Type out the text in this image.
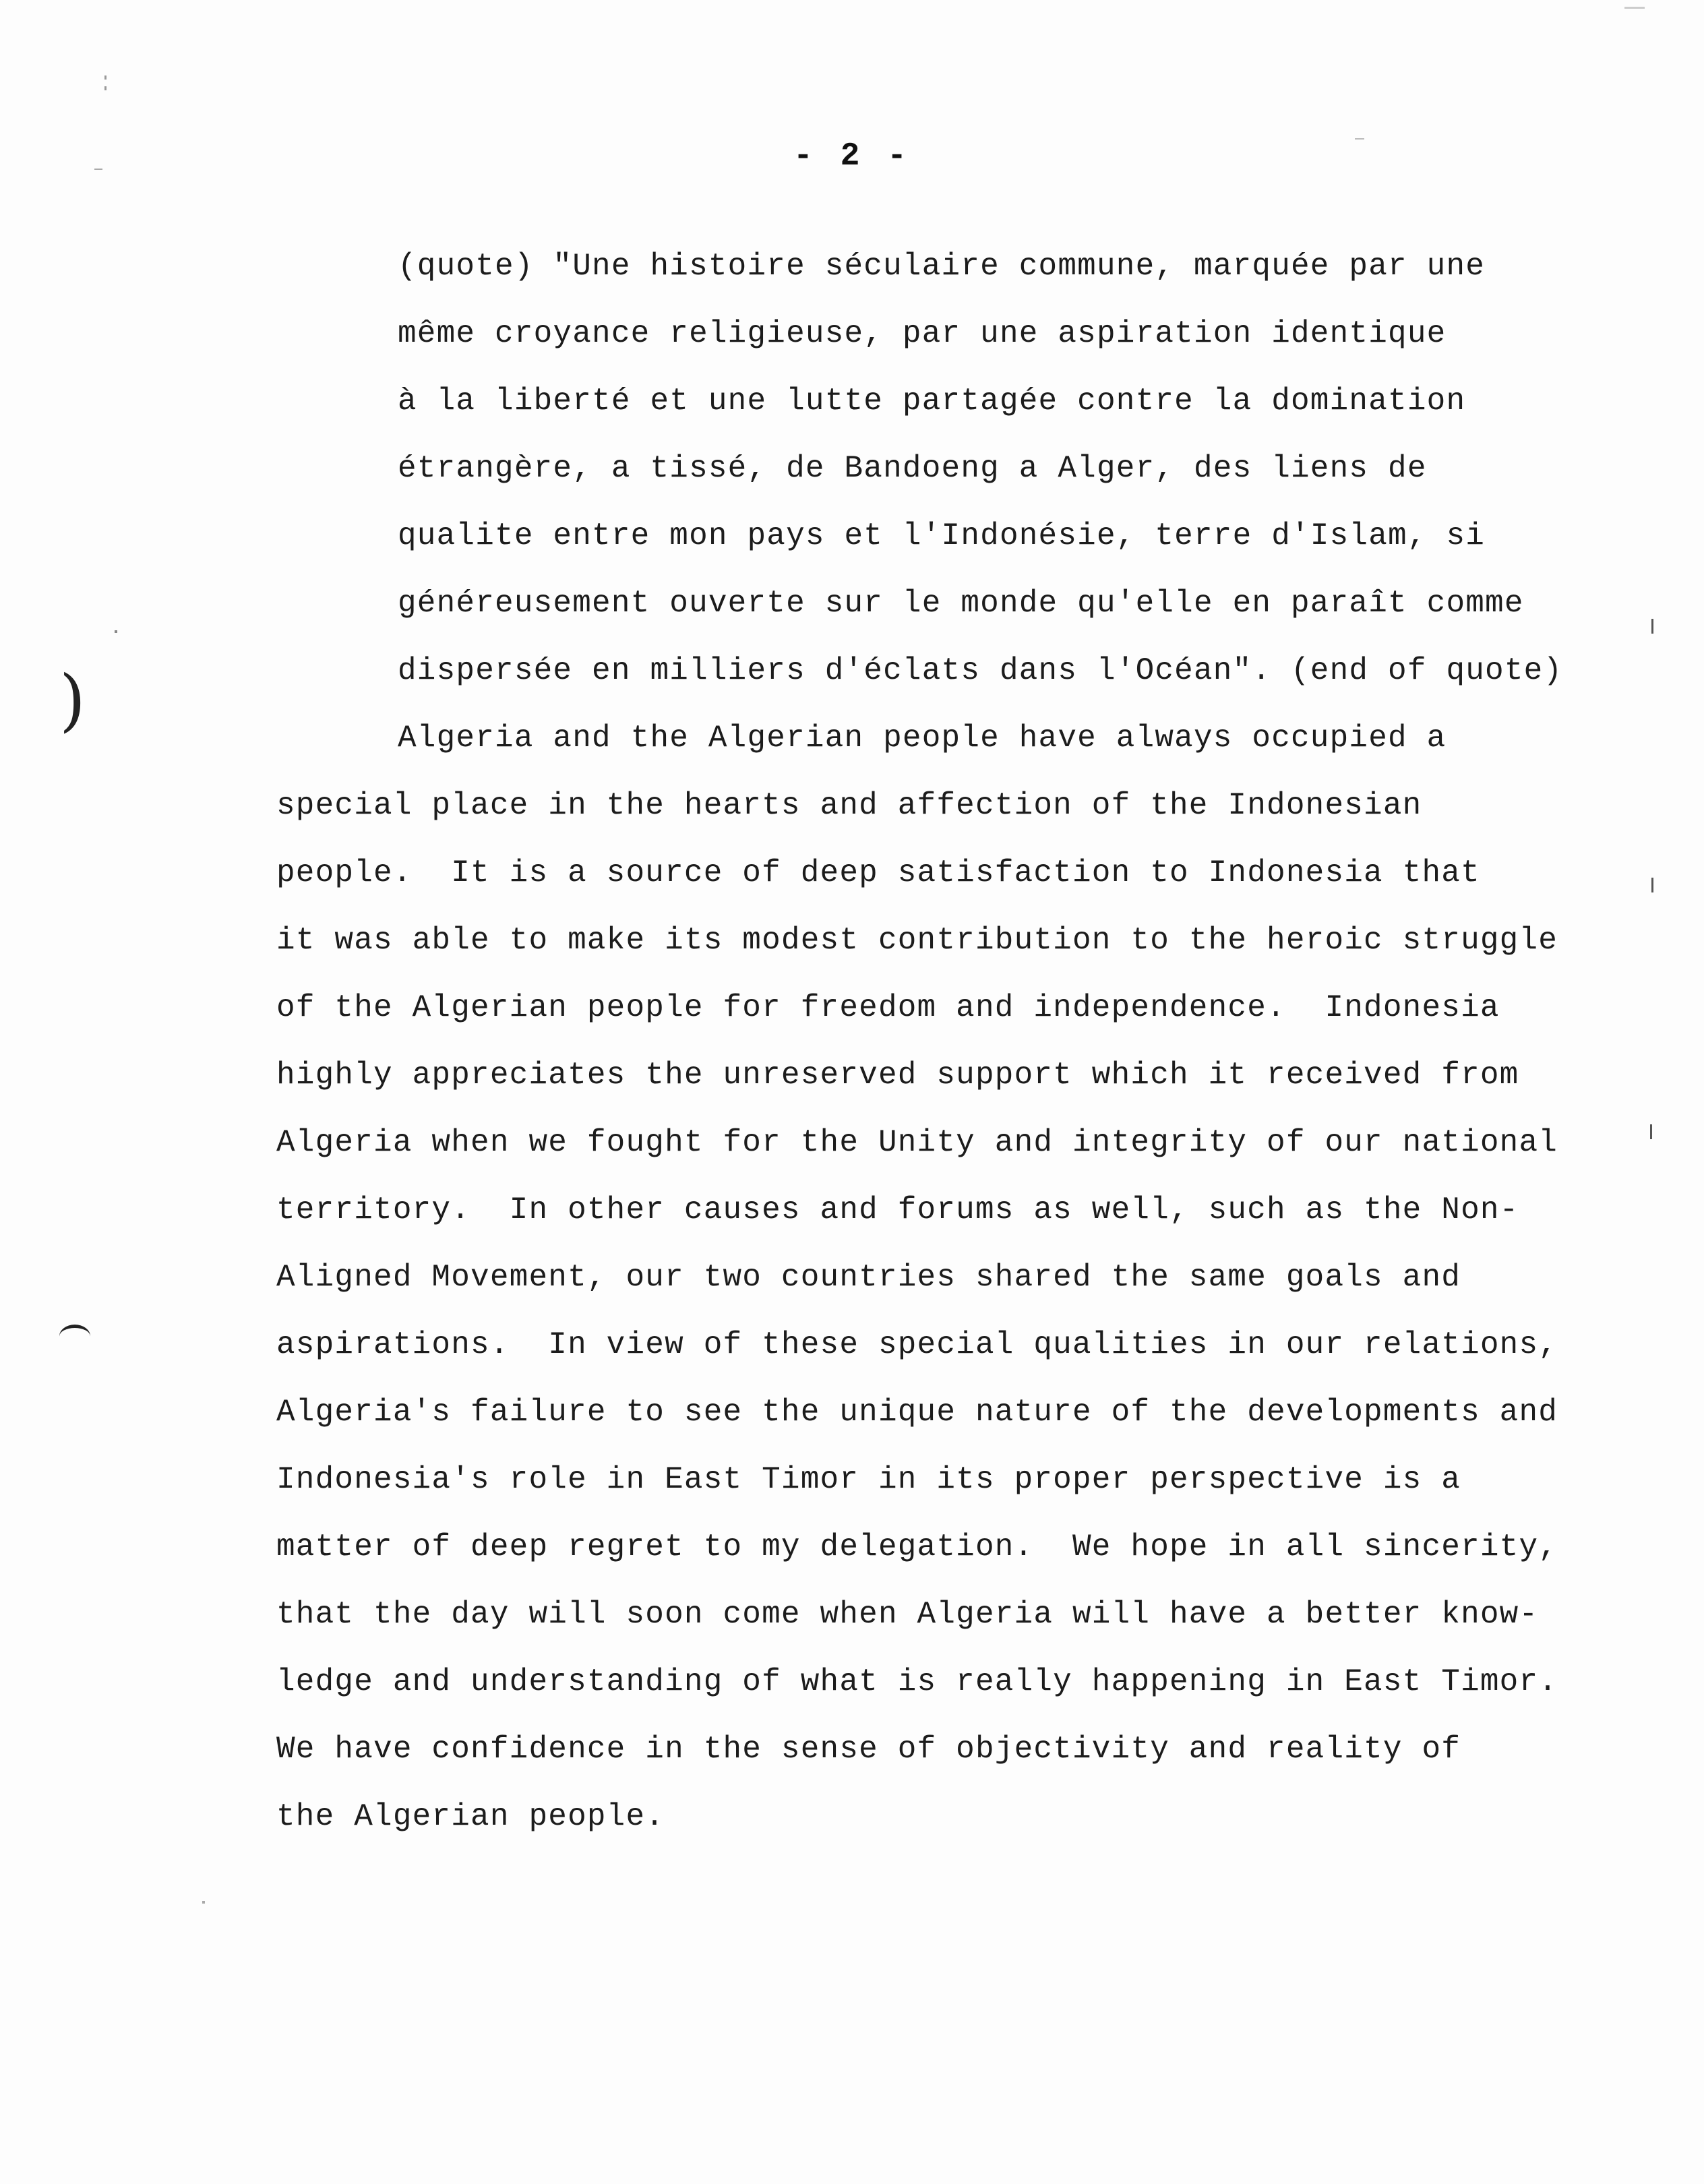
- 2 -
(quote) "Une histoire séculaire commune, marquée par une
même croyance religieuse, par une aspiration identique
à la liberté et une lutte partagée contre la domination
étrangère, a tissé, de Bandoeng a Alger, des liens de
qualite entre mon pays et l'Indonésie, terre d'Islam, si
généreusement ouverte sur le monde qu'elle en paraît comme
dispersée en milliers d'éclats dans l'Océan". (end of quote)
Algeria and the Algerian people have always occupied a
special place in the hearts and affection of the Indonesian
people.  It is a source of deep satisfaction to Indonesia that
it was able to make its modest contribution to the heroic struggle
of the Algerian people for freedom and independence.  Indonesia
highly appreciates the unreserved support which it received from
Algeria when we fought for the Unity and integrity of our national
territory.  In other causes and forums as well, such as the Non-
Aligned Movement, our two countries shared the same goals and
aspirations.  In view of these special qualities in our relations,
Algeria's failure to see the unique nature of the developments and
Indonesia's role in East Timor in its proper perspective is a
matter of deep regret to my delegation.  We hope in all sincerity,
that the day will soon come when Algeria will have a better know-
ledge and understanding of what is really happening in East Timor.
We have confidence in the sense of objectivity and reality of
the Algerian people.
)
